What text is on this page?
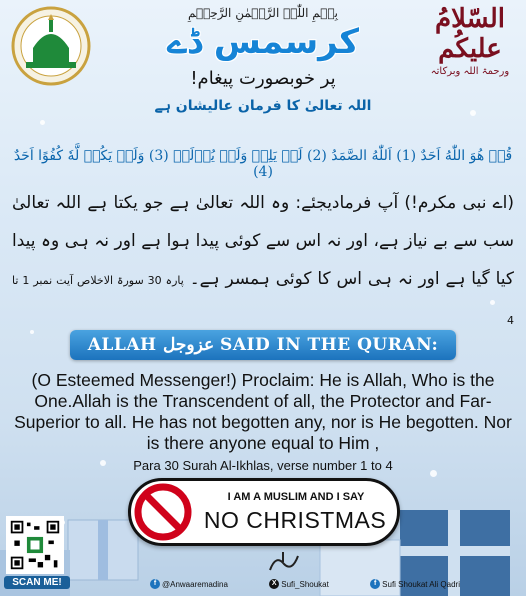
السّلامُ علیکُم
ورحمۃ اللہ وبرکاتہ
بِسۡمِ اللّٰہِ الرَّحۡمٰنِ الرَّحِیۡمِ
کرسمس ڈے
پر خوبصورت پیغام!
اللہ تعالیٰ کا فرمان عالیشان ہے
قُلۡ هُوَ اللّٰهُ اَحَدٌ (1) اَللّٰهُ الصَّمَدُ (2) لَمۡ يَلِدۡ وَلَمۡ يُوۡلَدۡ (3) وَلَمۡ يَكُنۡ لَّهٗ كُفُوًا اَحَدٌ (4)
(اے نبی مکرم!) آپ فرمادیجئے: وہ اللہ تعالیٰ ہے جو یکتا ہے اللہ تعالیٰ سب سے بے نیاز ہے، اور نہ اس سے کوئی پیدا ہوا ہے اور نہ ہی وہ پیدا کیا گیا ہے اور نہ ہی اس کا کوئی ہمسر ہے۔ پارہ 30 سورۃ الاخلاص آیت نمبر 1 تا 4
ALLAH عزوجل SAID IN THE QURAN:
(O Esteemed Messenger!) Proclaim: He is Allah, Who is the One.Allah is the Transcendent of all, the Protector and Far-Superior to all. He has not begotten any, nor is He begotten. Nor is there anyone equal to Him ,
Para 30 Surah Al-Ikhlas, verse number 1 to 4
I AM A MUSLIM AND I SAY
NO CHRISTMAS
SCAN ME!	f @Anwaaremadina	X Sufi_Shoukat	f Sufi Shoukat Ali Qadri
